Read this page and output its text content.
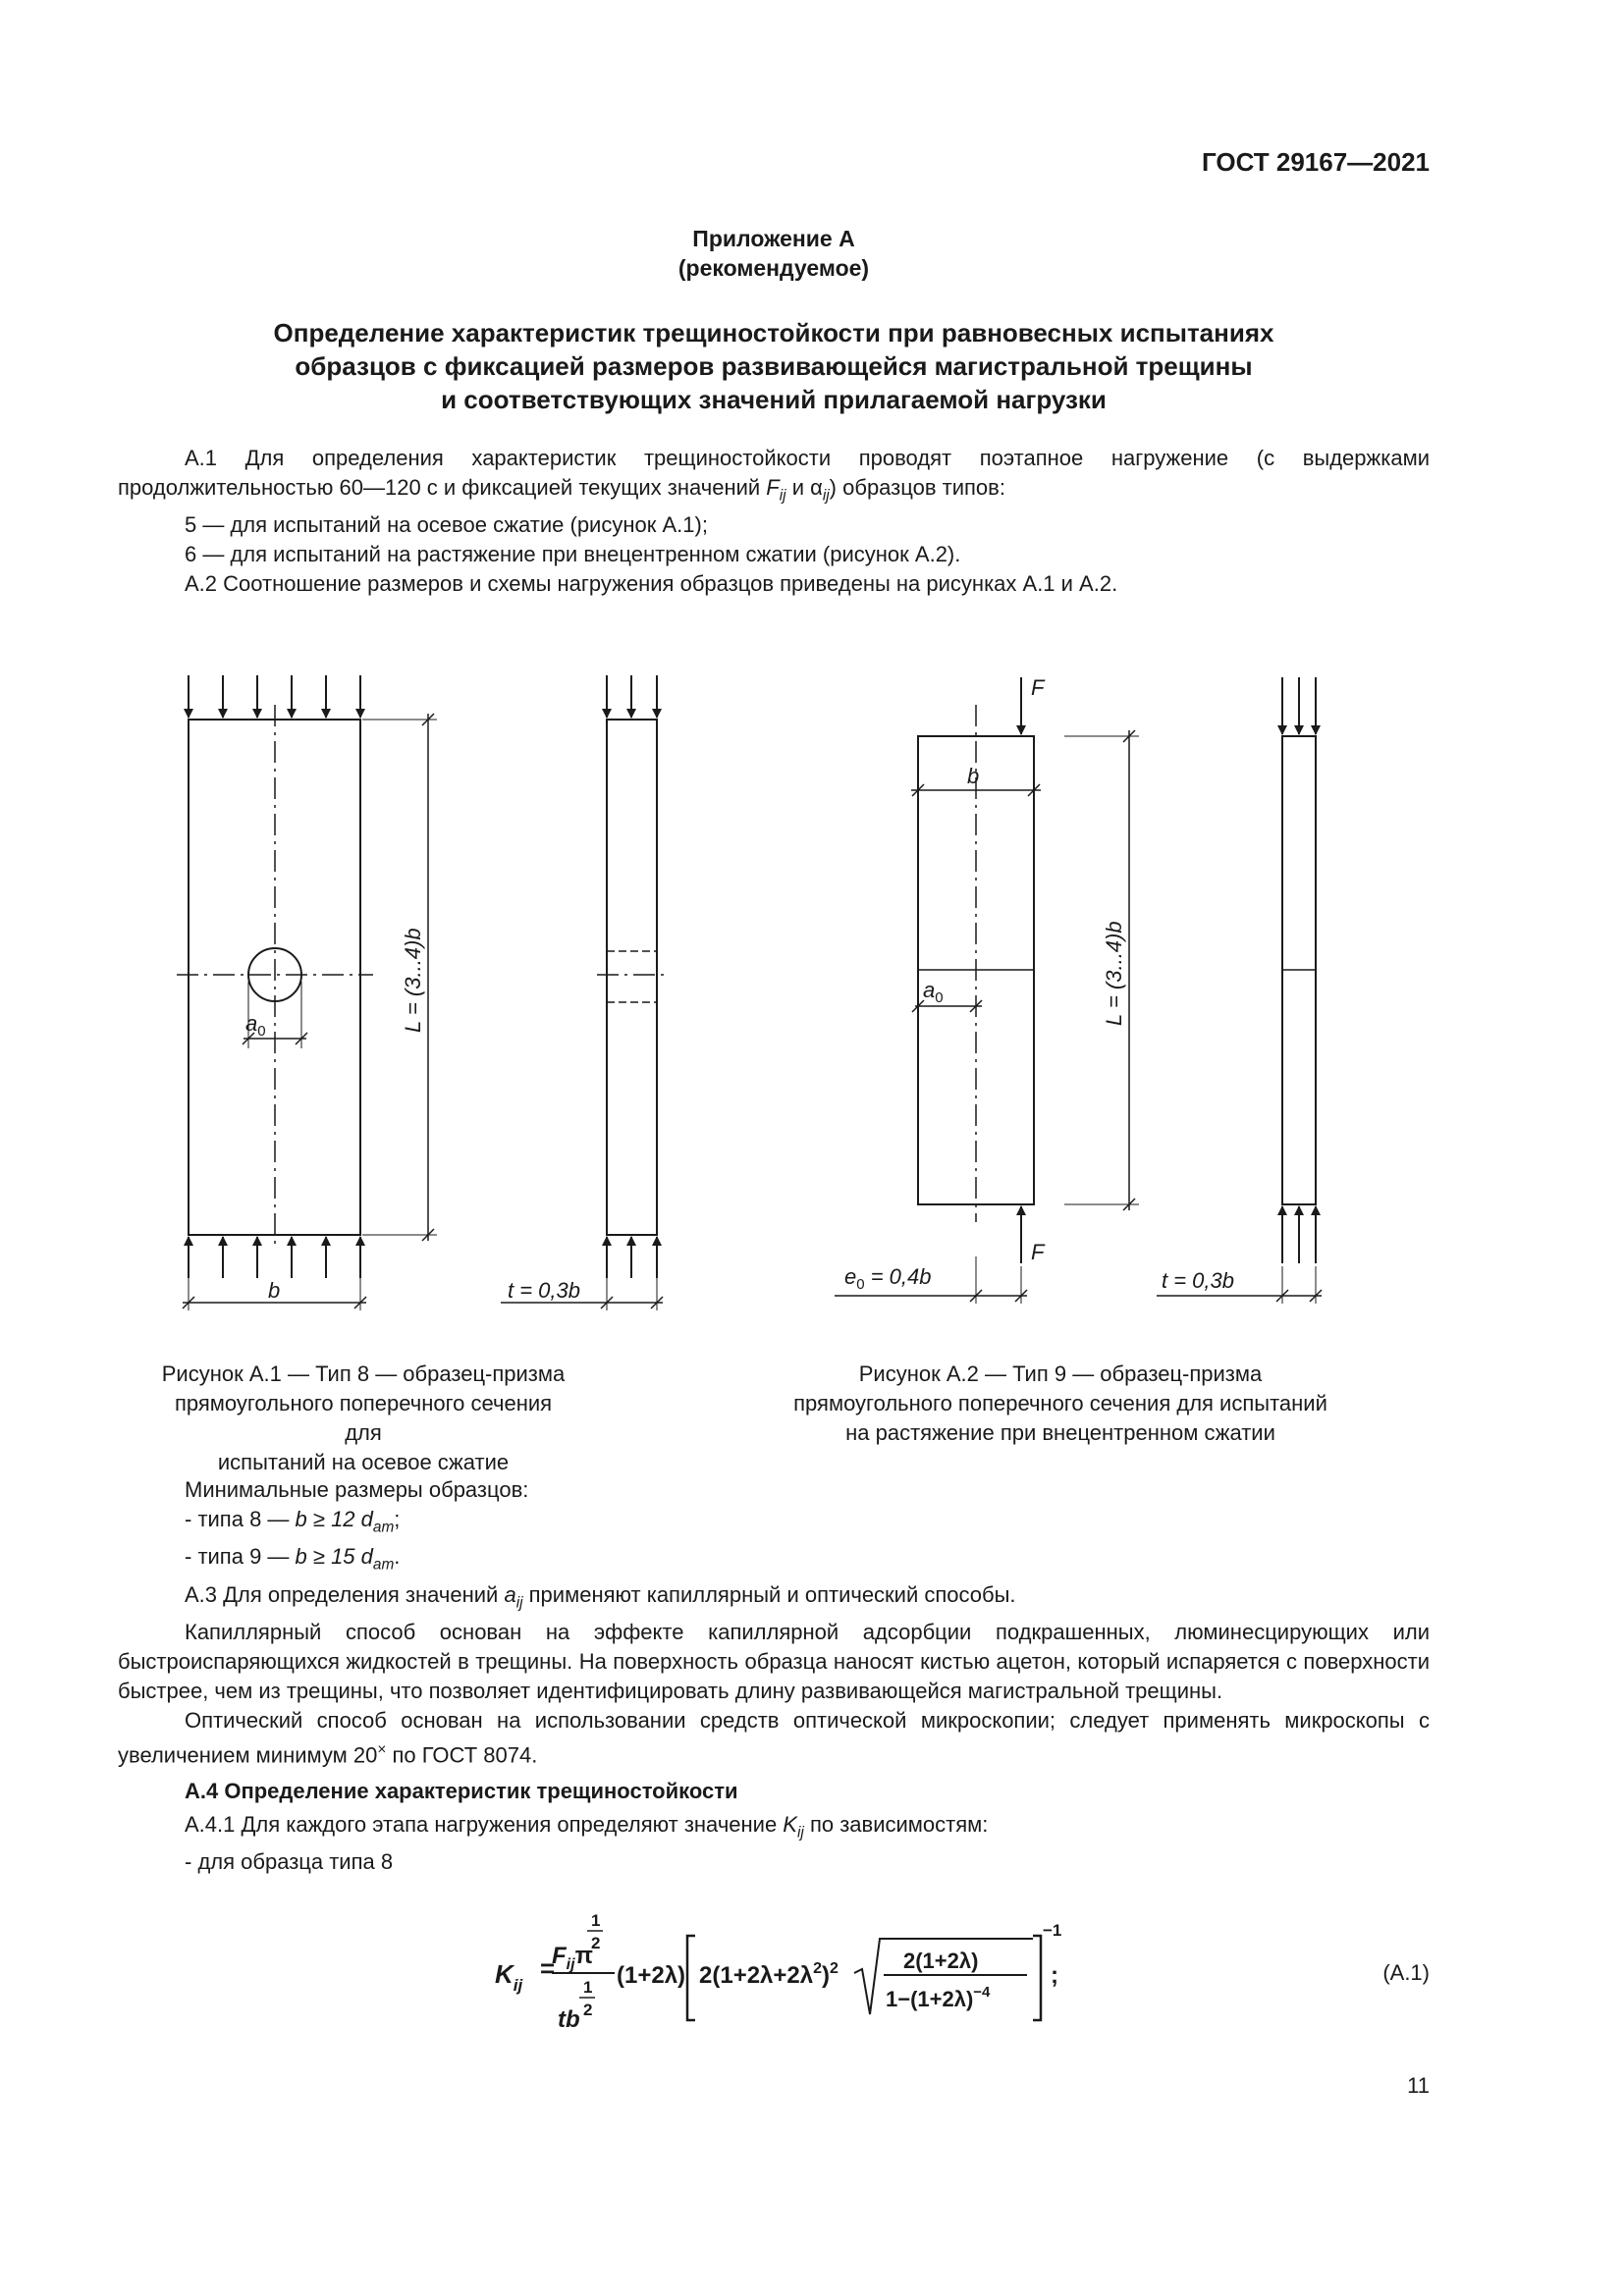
ГОСТ 29167—2021
Приложение А
(рекомендуемое)
Определение характеристик трещиностойкости при равновесных испытаниях
образцов с фиксацией размеров развивающейся магистральной трещины
и соответствующих значений прилагаемой нагрузки

А.1 Для определения характеристик трещиностойкости проводят поэтапное нагружение (с выдержками продолжительностью 60—120 с и фиксацией текущих значений $F_{ij}$ и $\alpha_{ij}$) образцов типов:

5 — для испытаний на осевое сжатие (рисунок А.1);

6 — для испытаний на растяжение при внецентренном сжатии (рисунок А.2).

А.2 Соотношение размеров и схемы нагружения образцов приведены на рисунках А.1 и А.2.

b
$a_0$	L = (3...4)b
t = 0,3b
F
F
b
$a_0$	L = (3...4)b
$e_0 = 0,4b$	t = 0,3b
Рисунок А.1 — Тип 8 — образец-призма
прямоугольного поперечного сечения для
испытаний на осевое сжатие
Рисунок А.2 — Тип 9 — образец-призма
прямоугольного поперечного сечения для испытаний
на растяжение при внецентренном сжатии

Минимальные размеры образцов:

- типа 8 — b ≥ 12 $d_{am}$;

- типа 9 — b ≥ 15 $d_{am}$.

А.3 Для определения значений $a_{ij}$ применяют капиллярный и оптический способы.

Капиллярный способ основан на эффекте капиллярной адсорбции подкрашенных, люминесцирующих или быстроиспаряющихся жидкостей в трещины. На поверхность образца наносят кистью ацетон, который испаряется с поверхности быстрее, чем из трещины, что позволяет идентифицировать длину развивающейся магистральной трещины.

Оптический способ основан на использовании средств оптической микроскопии; следует применять микроскопы с увеличением минимум 20× по ГОСТ 8074.

А.4 Определение характеристик трещиностойкости

А.4.1 Для каждого этапа нагружения определяют значение $K_{ij}$ по зависимостям:

- для образца типа 8

$K_{ij}$
=
$F_{ij}\pi$
1
2
tb
1
2
(1+2λ) $2(1+2\lambda+2\lambda^2)^2$	2(1+2λ)
$1-(1+2\lambda)^{-4}$
−1
;	(А.1)
11
